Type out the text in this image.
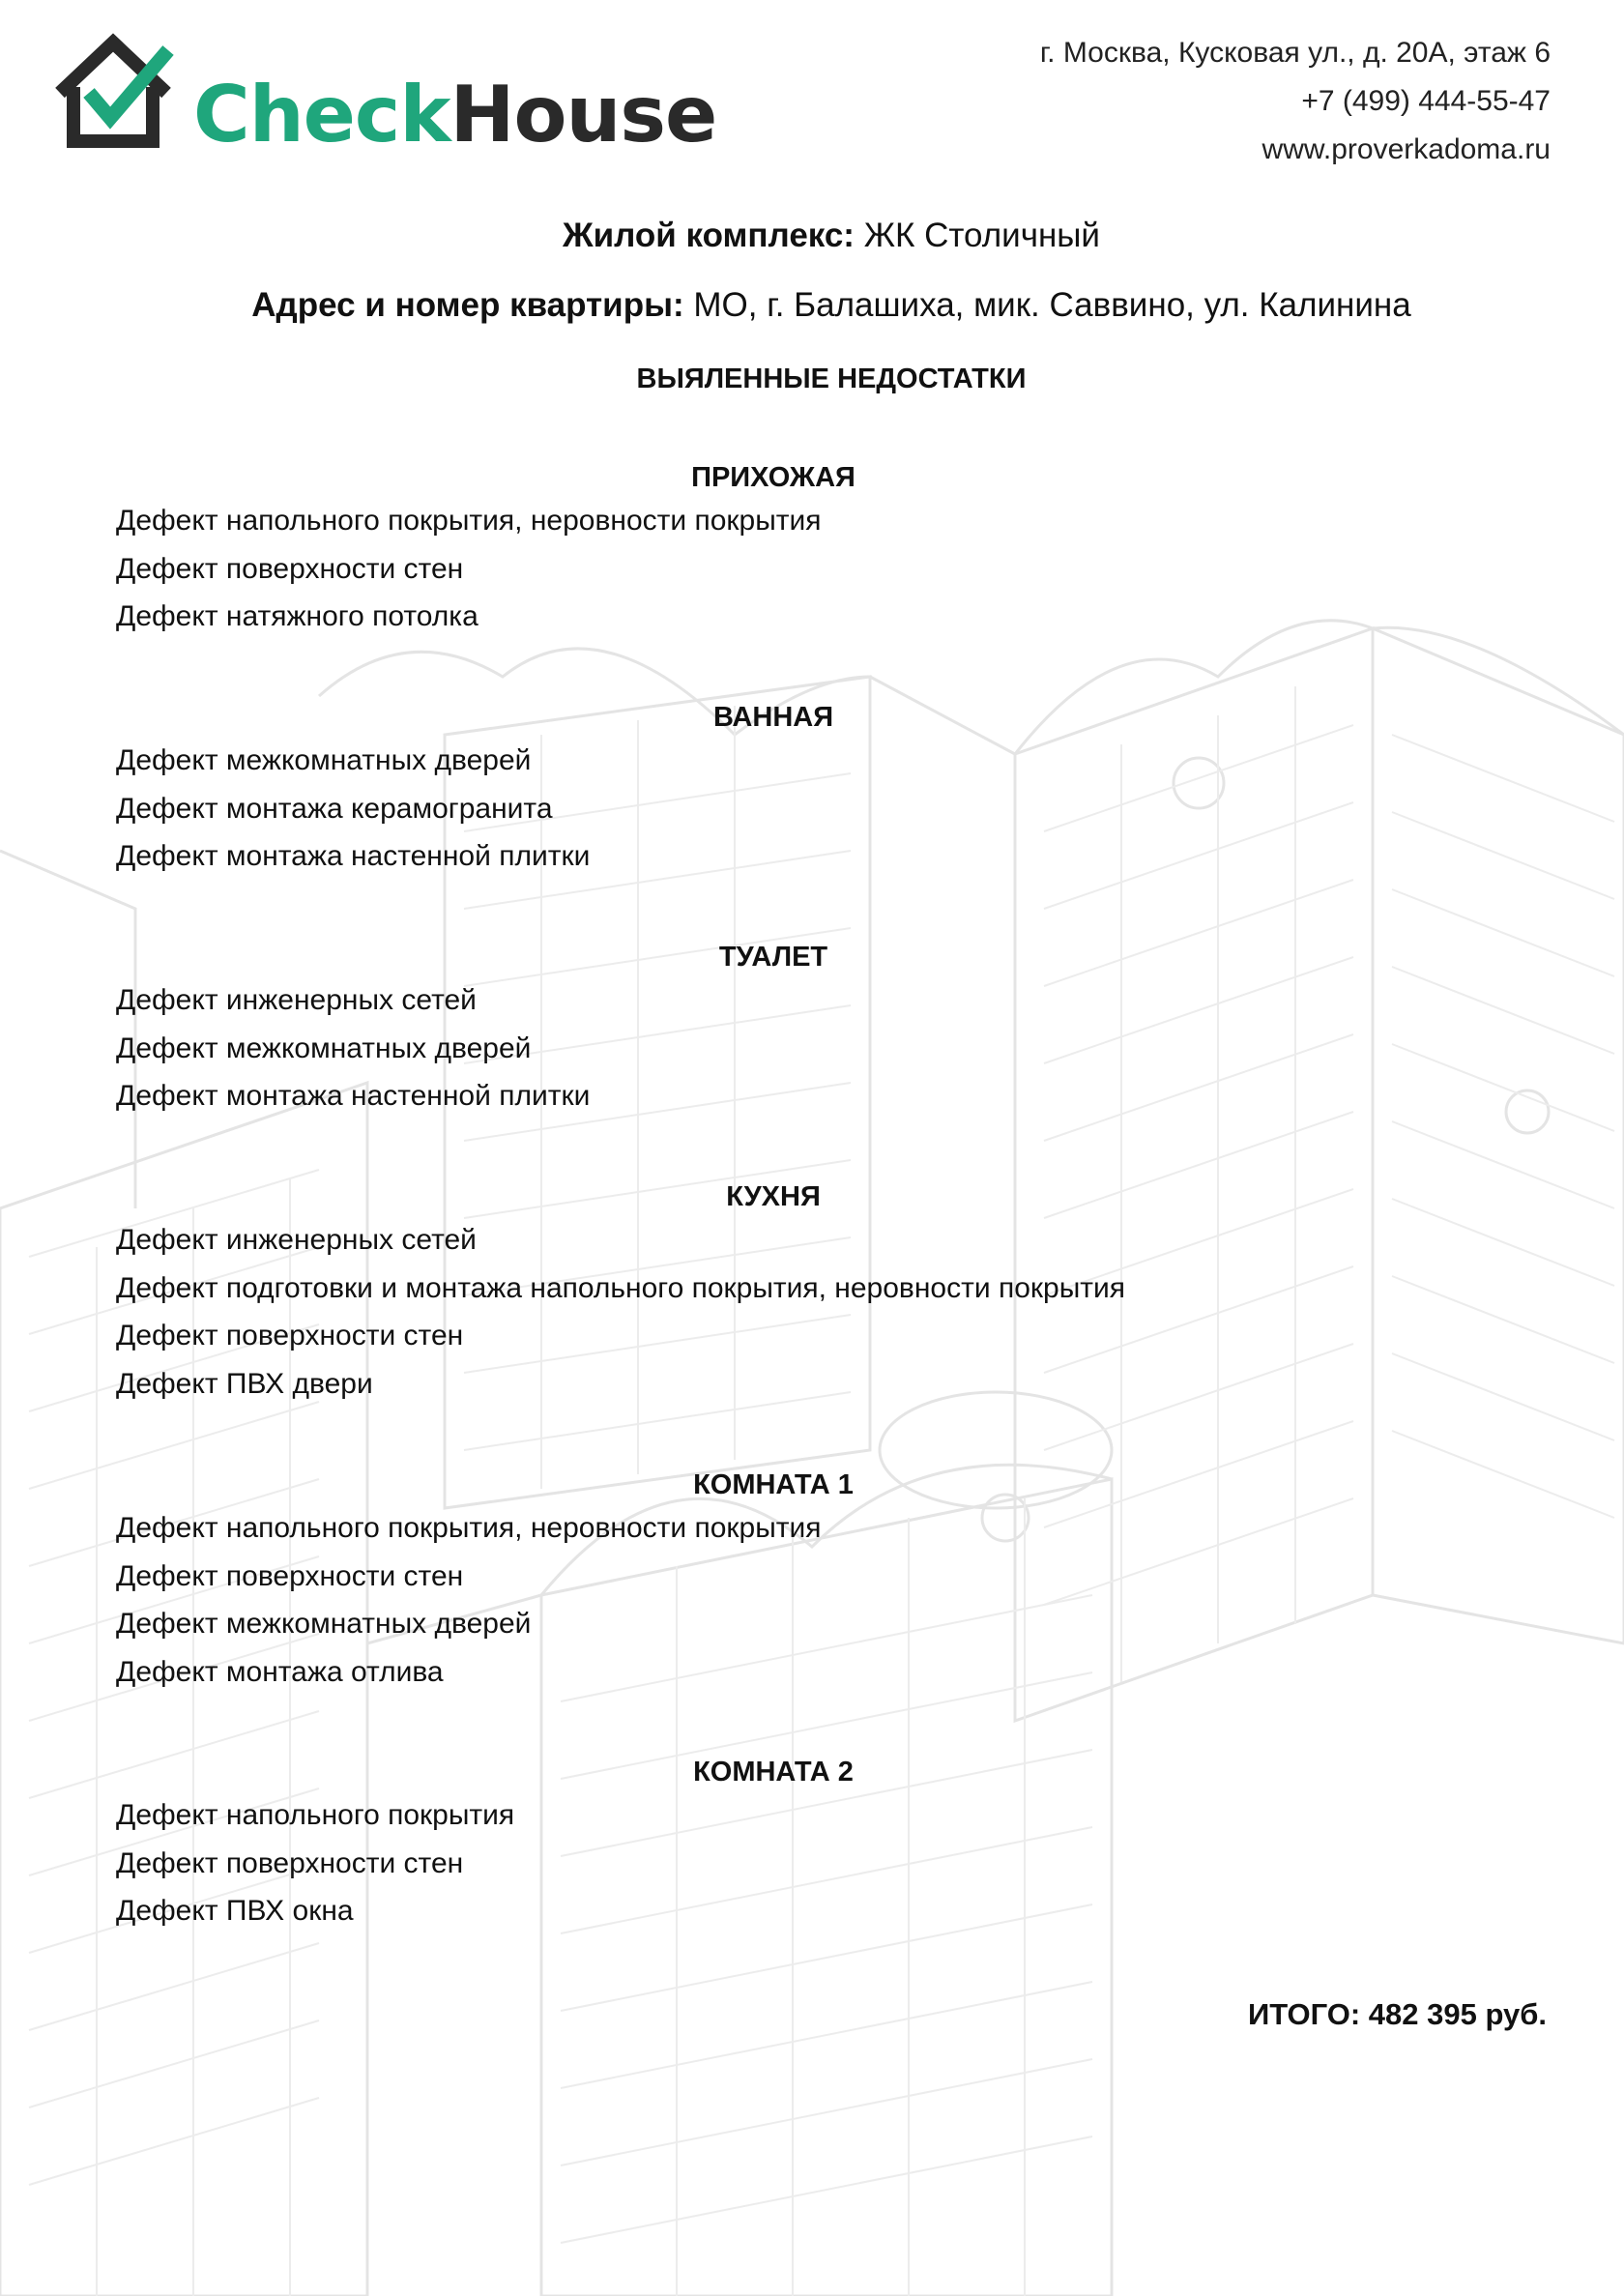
CheckHouse
г. Москва, Кусковая ул., д. 20А, этаж 6
+7 (499) 444-55-47
www.proverkadoma.ru
Жилой комплекс: ЖК Столичный
Адрес и номер квартиры: МО, г. Балашиха, мик. Саввино, ул. Калинина
ВЫЯЛЕННЫЕ НЕДОСТАТКИ
ПРИХОЖАЯ
Дефект напольного покрытия, неровности покрытия
Дефект поверхности стен
Дефект натяжного потолка
ВАННАЯ
Дефект межкомнатных дверей
Дефект монтажа керамогранита
Дефект монтажа настенной плитки
ТУАЛЕТ
Дефект инженерных сетей
Дефект межкомнатных дверей
Дефект монтажа настенной плитки
КУХНЯ
Дефект инженерных сетей
Дефект подготовки и монтажа напольного покрытия, неровности покрытия
Дефект поверхности стен
Дефект ПВХ двери
КОМНАТА 1
Дефект напольного покрытия, неровности покрытия
Дефект поверхности стен
Дефект межкомнатных дверей
Дефект монтажа отлива
КОМНАТА 2
Дефект напольного покрытия
Дефект поверхности стен
Дефект ПВХ окна
ИТОГО: 482 395 руб.
